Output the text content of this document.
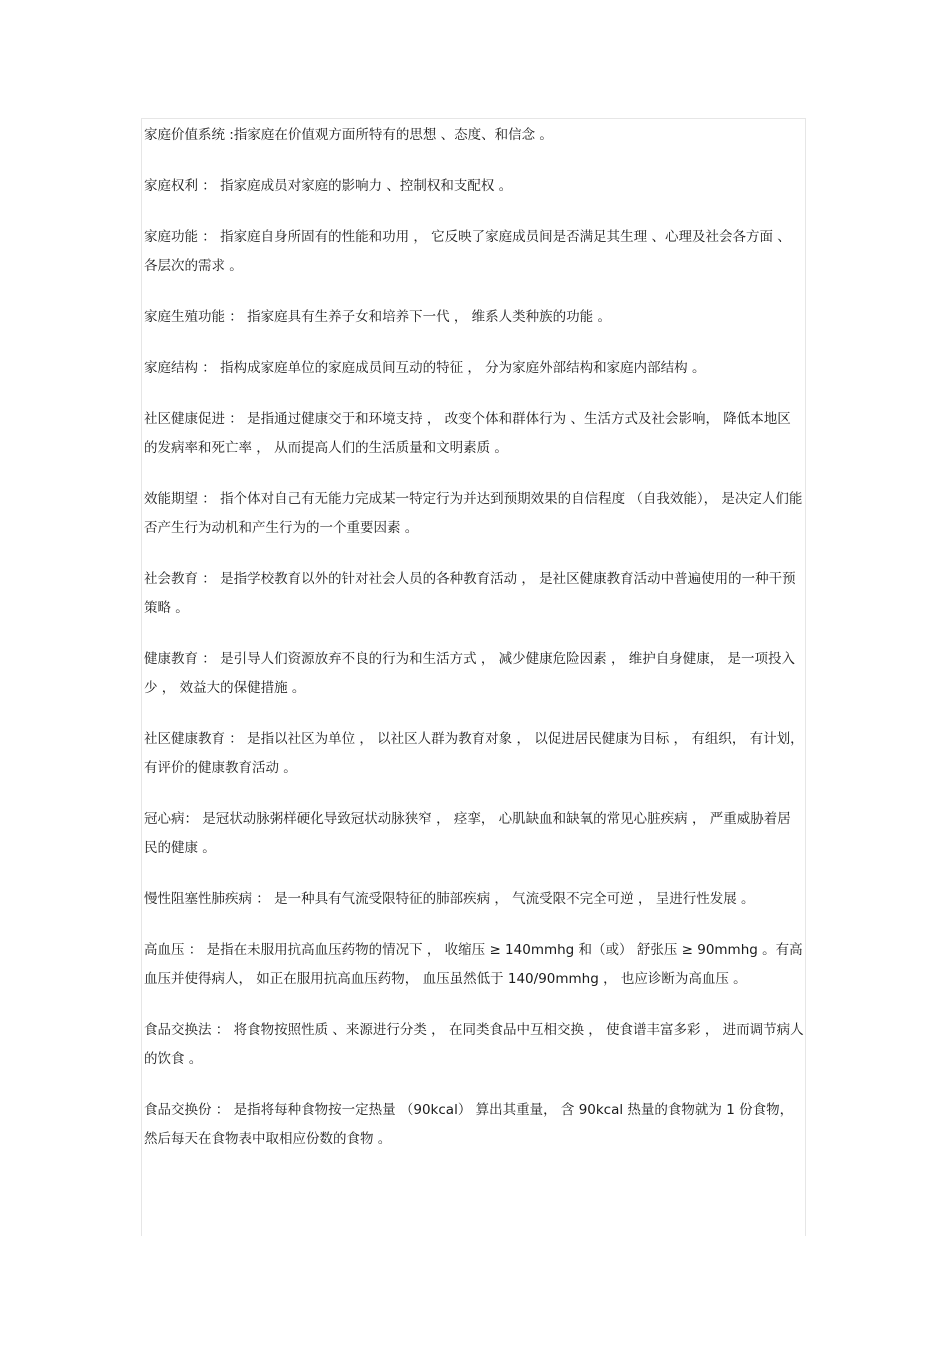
家庭价值系统 :指家庭在价值观方面所特有的思想 、态度、和信念 。

家庭权利 ： 指家庭成员对家庭的影响力 、控制权和支配权 。

家庭功能 ： 指家庭自身所固有的性能和功用 ， 它反映了家庭成员间是否满足其生理 、心理及社会各方面 、各层次的需求 。

家庭生殖功能 ： 指家庭具有生养子女和培养下一代 ， 维系人类种族的功能 。

家庭结构 ： 指构成家庭单位的家庭成员间互动的特征 ， 分为家庭外部结构和家庭内部结构 。

社区健康促进 ： 是指通过健康交于和环境支持 ， 改变个体和群体行为 、生活方式及社会影响， 降低本地区的发病率和死亡率 ， 从而提高人们的生活质量和文明素质 。

效能期望 ： 指个体对自己有无能力完成某一特定行为并达到预期效果的自信程度 （自我效能）， 是决定人们能否产生行为动机和产生行为的一个重要因素 。

社会教育 ： 是指学校教育以外的针对社会人员的各种教育活动 ， 是社区健康教育活动中普遍使用的一种干预策略 。

健康教育 ： 是引导人们资源放弃不良的行为和生活方式 ， 减少健康危险因素 ， 维护自身健康， 是一项投入少 ， 效益大的保健措施 。

社区健康教育 ： 是指以社区为单位 ， 以社区人群为教育对象 ， 以促进居民健康为目标 ， 有组织， 有计划， 有评价的健康教育活动 。

冠心病： 是冠状动脉粥样硬化导致冠状动脉狭窄 ， 痉挛， 心肌缺血和缺氧的常见心脏疾病 ， 严重威胁着居民的健康 。

慢性阻塞性肺疾病 ： 是一种具有气流受限特征的肺部疾病 ， 气流受限不完全可逆 ， 呈进行性发展 。

高血压 ： 是指在未服用抗高血压药物的情况下 ， 收缩压 ≥ 140mmhg 和（或） 舒张压 ≥ 90mmhg 。有高血压并使得病人， 如正在服用抗高血压药物， 血压虽然低于 140/90mmhg ， 也应诊断为高血压 。

食品交换法 ： 将食物按照性质 、来源进行分类 ， 在同类食品中互相交换 ， 使食谱丰富多彩 ， 进而调节病人的饮食 。

食品交换份 ： 是指将每种食物按一定热量 （90kcal） 算出其重量， 含 90kcal 热量的食物就为 1 份食物， 然后每天在食物表中取相应份数的食物 。
